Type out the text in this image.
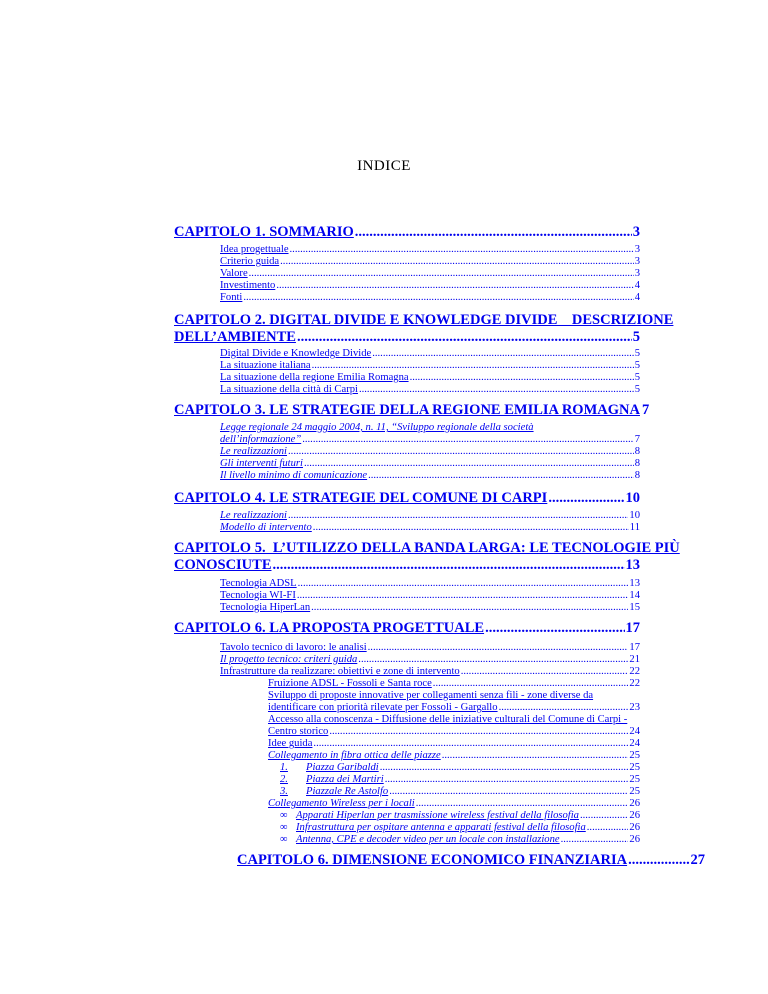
INDICE
CAPITOLO 1. SOMMARIO .....	3
Idea progettuale .....	3
Criterio guida .....	3
Valore .....	3
Investimento .....	4
Fonti .....	4
CAPITOLO 2. DIGITAL DIVIDE E KNOWLEDGE DIVIDE    DESCRIZIONE
DELL’AMBIENTE .....	5
Digital Divide e Knowledge Divide .....	5
La situazione italiana .....	5
La situazione della regione Emilia Romagna .....	5
La situazione della città di Carpi .....	5
CAPITOLO 3. LE STRATEGIE DELLA REGIONE EMILIA ROMAGNA 7
Legge regionale 24 maggio 2004, n. 11, “Sviluppo regionale della società
dell’informazione” .....	7
Le realizzazioni .....	8
Gli interventi futuri .....	8
Il livello minimo di comunicazione .....	8
CAPITOLO 4. LE STRATEGIE DEL COMUNE DI CARPI .....	10
Le realizzazioni .....	10
Modello di intervento .....	11
CAPITOLO 5.  L’UTILIZZO DELLA BANDA LARGA: LE TECNOLOGIE PIÙ
CONOSCIUTE .....	13
Tecnologia ADSL .....	13
Tecnologia WI-FI .....	14
Tecnologia HiperLan .....	15
CAPITOLO 6. LA PROPOSTA PROGETTUALE .....	17
Tavolo tecnico di lavoro: le analisi .....	17
Il progetto tecnico: criteri guida .....	21
Infrastrutture da realizzare: obiettivi e zone di intervento .....	22
Fruizione ADSL - Fossoli e Santa roce .....	22
Sviluppo di proposte innovative per collegamenti senza fili - zone diverse da
identificare con priorità rilevate per Fossoli - Gargallo .....	23
Accesso alla conoscenza - Diffusione delle iniziative culturali del Comune di Carpi -
Centro storico .....	24
Idee guida .....	24
Collegamento in fibra ottica delle piazze .....	25
1.	Piazza Garibaldi .....	25
2.	Piazza dei Martiri .....	25
3.	Piazzale Re Astolfo .....	25
Collegamento Wireless per i locali .....	26
∞ Apparati Hiperlan per trasmissione wireless festival della filosofia .....	26
∞ Infrastruttura per ospitare antenna e apparati festival della filosofia .....	26
∞ Antenna, CPE e decoder video per un locale con installazione .....	26
CAPITOLO 6. DIMENSIONE ECONOMICO FINANZIARIA .....	27
